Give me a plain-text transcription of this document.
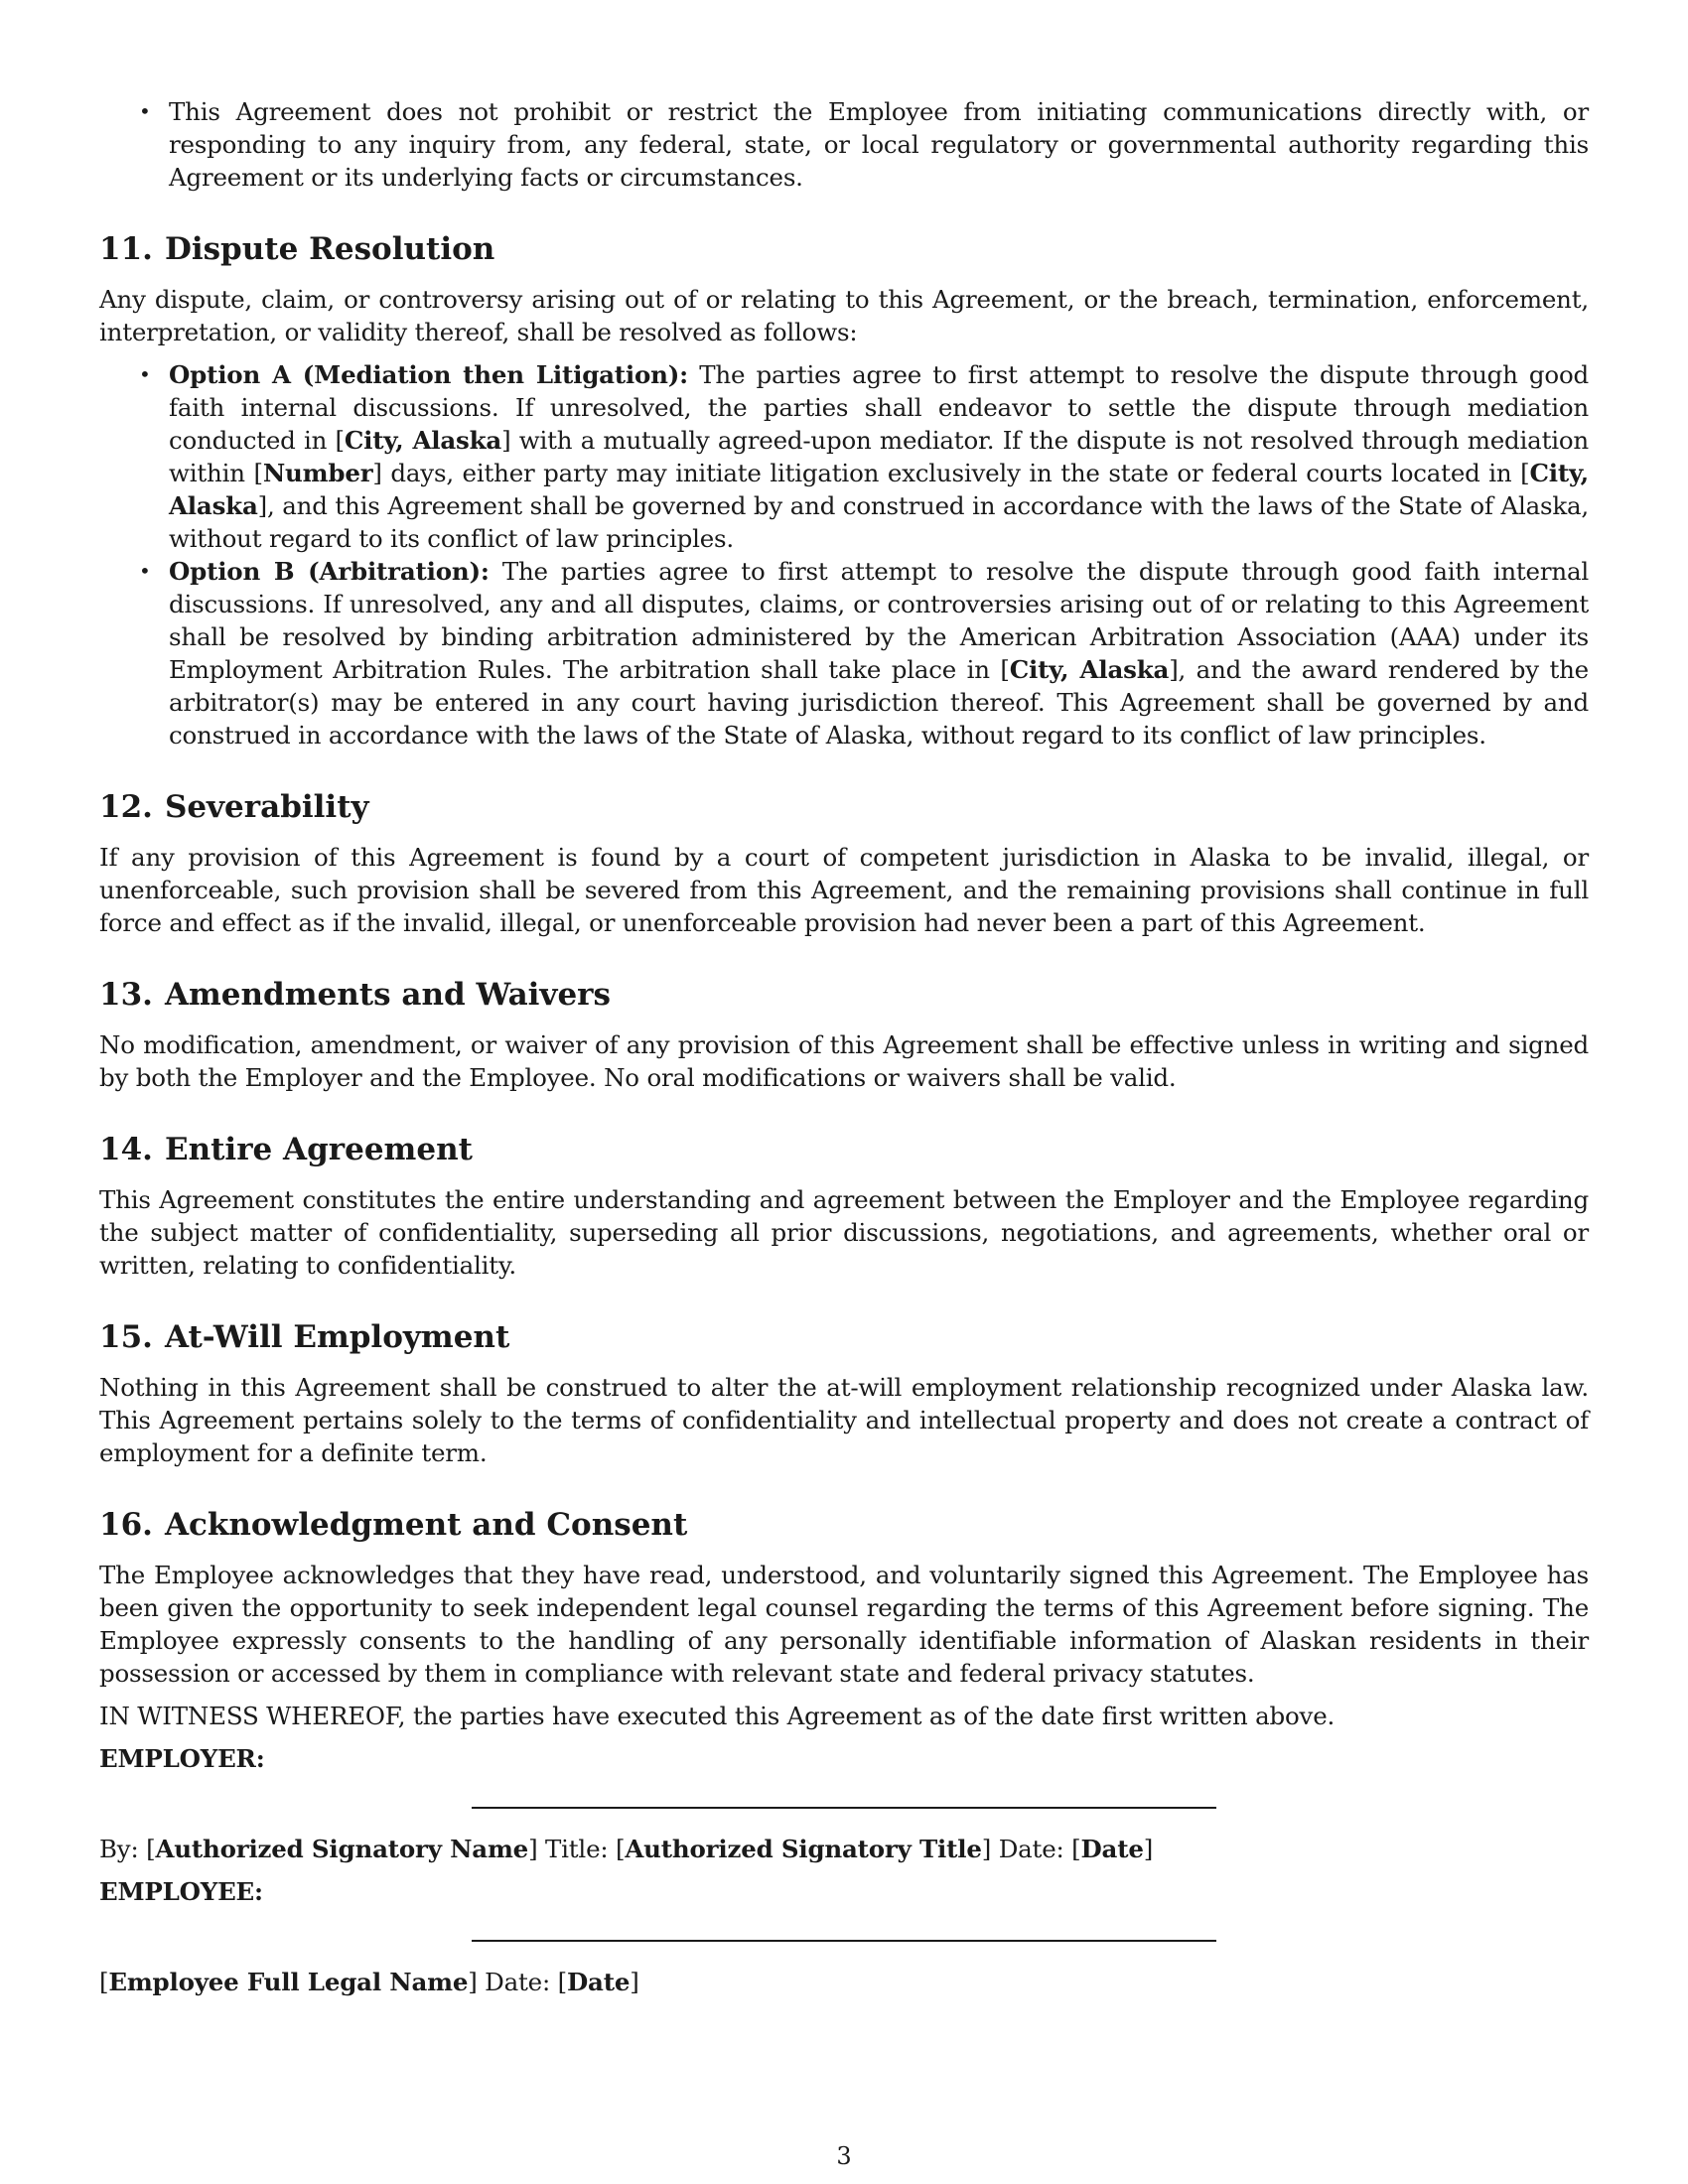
• This Agreement does not prohibit or restrict the Employee from initiating communications directly with, or responding to any inquiry from, any federal, state, or local regulatory or governmental authority regarding this Agreement or its underlying facts or circumstances.
11. Dispute Resolution

Any dispute, claim, or controversy arising out of or relating to this Agreement, or the breach, termination, enforcement, interpretation, or validity thereof, shall be resolved as follows:

• Option A (Mediation then Litigation): The parties agree to first attempt to resolve the dispute through good faith internal discussions. If unresolved, the parties shall endeavor to settle the dispute through mediation conducted in [City, Alaska] with a mutually agreed-upon mediator. If the dispute is not resolved through mediation within [Number] days, either party may initiate litigation exclusively in the state or federal courts located in [City, Alaska], and this Agreement shall be governed by and construed in accordance with the laws of the State of Alaska, without regard to its conflict of law principles.
• Option B (Arbitration): The parties agree to first attempt to resolve the dispute through good faith internal discussions. If unresolved, any and all disputes, claims, or controversies arising out of or relating to this Agreement shall be resolved by binding arbitration administered by the American Arbitration Association (AAA) under its Employment Arbitration Rules. The arbitration shall take place in [City, Alaska], and the award rendered by the arbitrator(s) may be entered in any court having jurisdiction thereof. This Agreement shall be governed by and construed in accordance with the laws of the State of Alaska, without regard to its conflict of law principles.
12. Severability

If any provision of this Agreement is found by a court of competent jurisdiction in Alaska to be invalid, illegal, or unenforceable, such provision shall be severed from this Agreement, and the remaining provisions shall continue in full force and effect as if the invalid, illegal, or unenforceable provision had never been a part of this Agreement.

13. Amendments and Waivers

No modification, amendment, or waiver of any provision of this Agreement shall be effective unless in writing and signed by both the Employer and the Employee. No oral modifications or waivers shall be valid.

14. Entire Agreement

This Agreement constitutes the entire understanding and agreement between the Employer and the Employee regarding the subject matter of confidentiality, superseding all prior discussions, negotiations, and agreements, whether oral or written, relating to confidentiality.

15. At-Will Employment

Nothing in this Agreement shall be construed to alter the at-will employment relationship recognized under Alaska law. This Agreement pertains solely to the terms of confidentiality and intellectual property and does not create a contract of employment for a definite term.

16. Acknowledgment and Consent

The Employee acknowledges that they have read, understood, and voluntarily signed this Agreement. The Employee has been given the opportunity to seek independent legal counsel regarding the terms of this Agreement before signing. The Employee expressly consents to the handling of any personally identifiable information of Alaskan residents in their possession or accessed by them in compliance with relevant state and federal privacy statutes.

IN WITNESS WHEREOF, the parties have executed this Agreement as of the date first written above.

EMPLOYER:

By: [Authorized Signatory Name] Title: [Authorized Signatory Title] Date: [Date]

EMPLOYEE:

[Employee Full Legal Name] Date: [Date]

3
